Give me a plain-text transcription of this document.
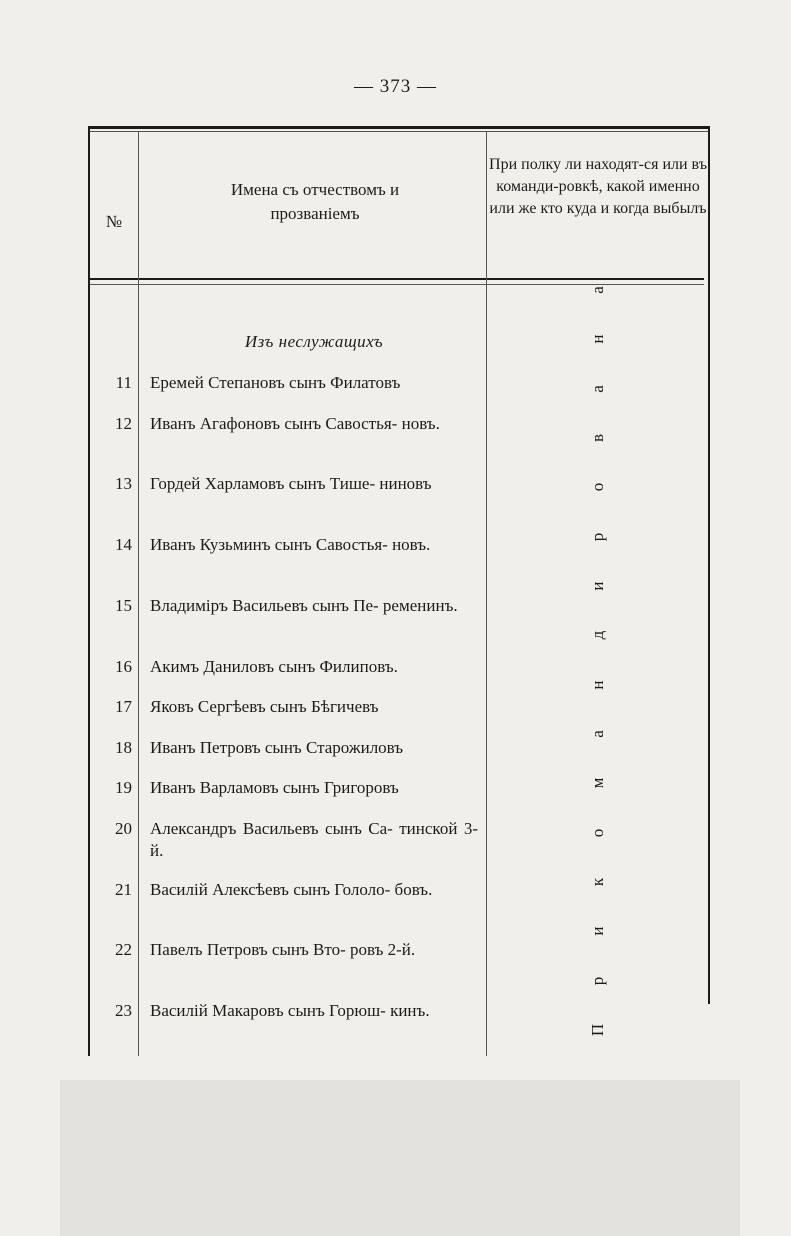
— 373 —
№
Имена съ отчествомъ и прозваніемъ
При полку ли находят-ся или въ команди-ровкѣ, какой именно или же кто куда и когда выбылъ
Изъ неслужащихъ
11 Еремей Степановъ сынъ Филатовъ
12 Иванъ Агафоновъ сынъ Савостья- новъ.
13 Гордей Харламовъ сынъ Тише- ниновъ
14 Иванъ Кузьминъ сынъ Савостья- новъ.
15 Владиміръ Васильевъ сынъ Пе- ременинъ.
16 Акимъ Даниловъ сынъ Филиповъ.
17 Яковъ Сергѣевъ сынъ Бѣгичевъ
18 Иванъ Петровъ сынъ Старожиловъ
19 Иванъ Варламовъ сынъ Григоровъ
20 Александръ Васильевъ сынъ Са- тинской 3-й.
21 Василій Алексѣевъ сынъ Гололо- бовъ.
22 Павелъ Петровъ сынъ Вто- ровъ 2-й.
23 Василій Макаровъ сынъ Горюш- кинъ.
П
р
и
к
о
м
а
н
д
и
р
о
в
а
н
а
